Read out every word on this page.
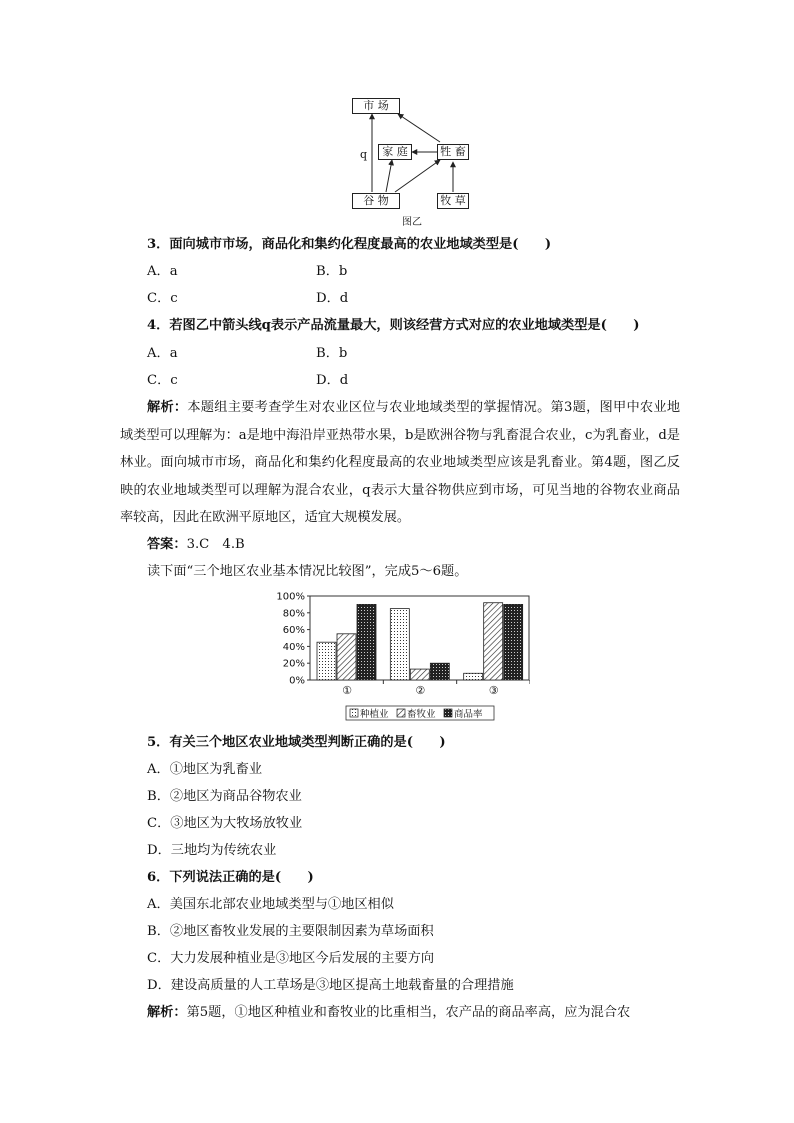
市 场
家 庭	牲 畜
谷 物	牧 草
q
图乙
3．面向城市市场，商品化和集约化程度最高的农业地域类型是(　　)
A．a	B．b
C．c	D．d
4．若图乙中箭头线q表示产品流量最大，则该经营方式对应的农业地域类型是(　　)
A．a	B．b
C．c	D．d
解析：本题组主要考查学生对农业区位与农业地域类型的掌握情况。第3题，图甲中农业地域类型可以理解为：a是地中海沿岸亚热带水果，b是欧洲谷物与乳畜混合农业，c为乳畜业，d是林业。面向城市市场，商品化和集约化程度最高的农业地域类型应该是乳畜业。第4题，图乙反映的农业地域类型可以理解为混合农业，q表示大量谷物供应到市场，可见当地的谷物农业商品率较高，因此在欧洲平原地区，适宜大规模发展。
答案：3.C　4.B
读下面“三个地区农业基本情况比较图”，完成5～6题。
0%
20%
40%
60%
80%
100%
①	②	③
种植业 畜牧业 商品率
5．有关三个地区农业地域类型判断正确的是(　　)
A．①地区为乳畜业
B．②地区为商品谷物农业
C．③地区为大牧场放牧业
D．三地均为传统农业
6．下列说法正确的是(　　)
A．美国东北部农业地域类型与①地区相似
B．②地区畜牧业发展的主要限制因素为草场面积
C．大力发展种植业是③地区今后发展的主要方向
D．建设高质量的人工草场是③地区提高土地载畜量的合理措施
解析：第5题，①地区种植业和畜牧业的比重相当，农产品的商品率高，应为混合农
